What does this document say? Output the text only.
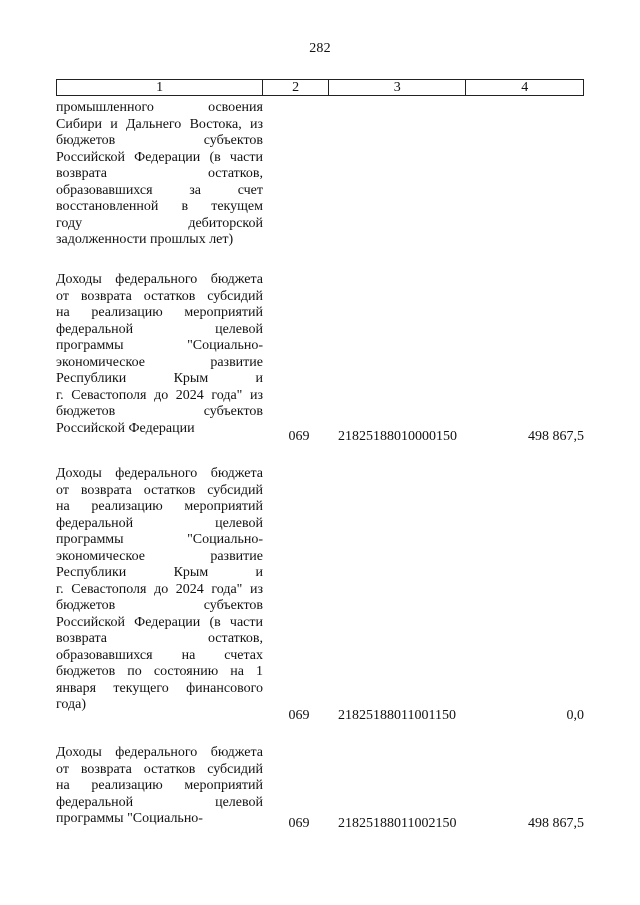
282
1	2	3	4
промышленного освоения
Сибири и Дальнего Востока, из
бюджетов субъектов
Российской Федерации (в части
возврата остатков,
образовавшихся за счет
восстановленной в текущем
году дебиторской
задолженности прошлых лет)
Доходы федерального бюджета
от возврата остатков субсидий
на реализацию мероприятий
федеральной целевой
программы "Социально-
экономическое развитие
Республики Крым и
г. Севастополя до 2024 года" из
бюджетов субъектов
Российской Федерации
069	21825188010000150	498 867,5
Доходы федерального бюджета
от возврата остатков субсидий
на реализацию мероприятий
федеральной целевой
программы "Социально-
экономическое развитие
Республики Крым и
г. Севастополя до 2024 года" из
бюджетов субъектов
Российской Федерации (в части
возврата остатков,
образовавшихся на счетах
бюджетов по состоянию на 1
января текущего финансового
года)
069	21825188011001150	0,0
Доходы федерального бюджета
от возврата остатков субсидий
на реализацию мероприятий
федеральной целевой
программы "Социально-	069	21825188011002150	498 867,5
